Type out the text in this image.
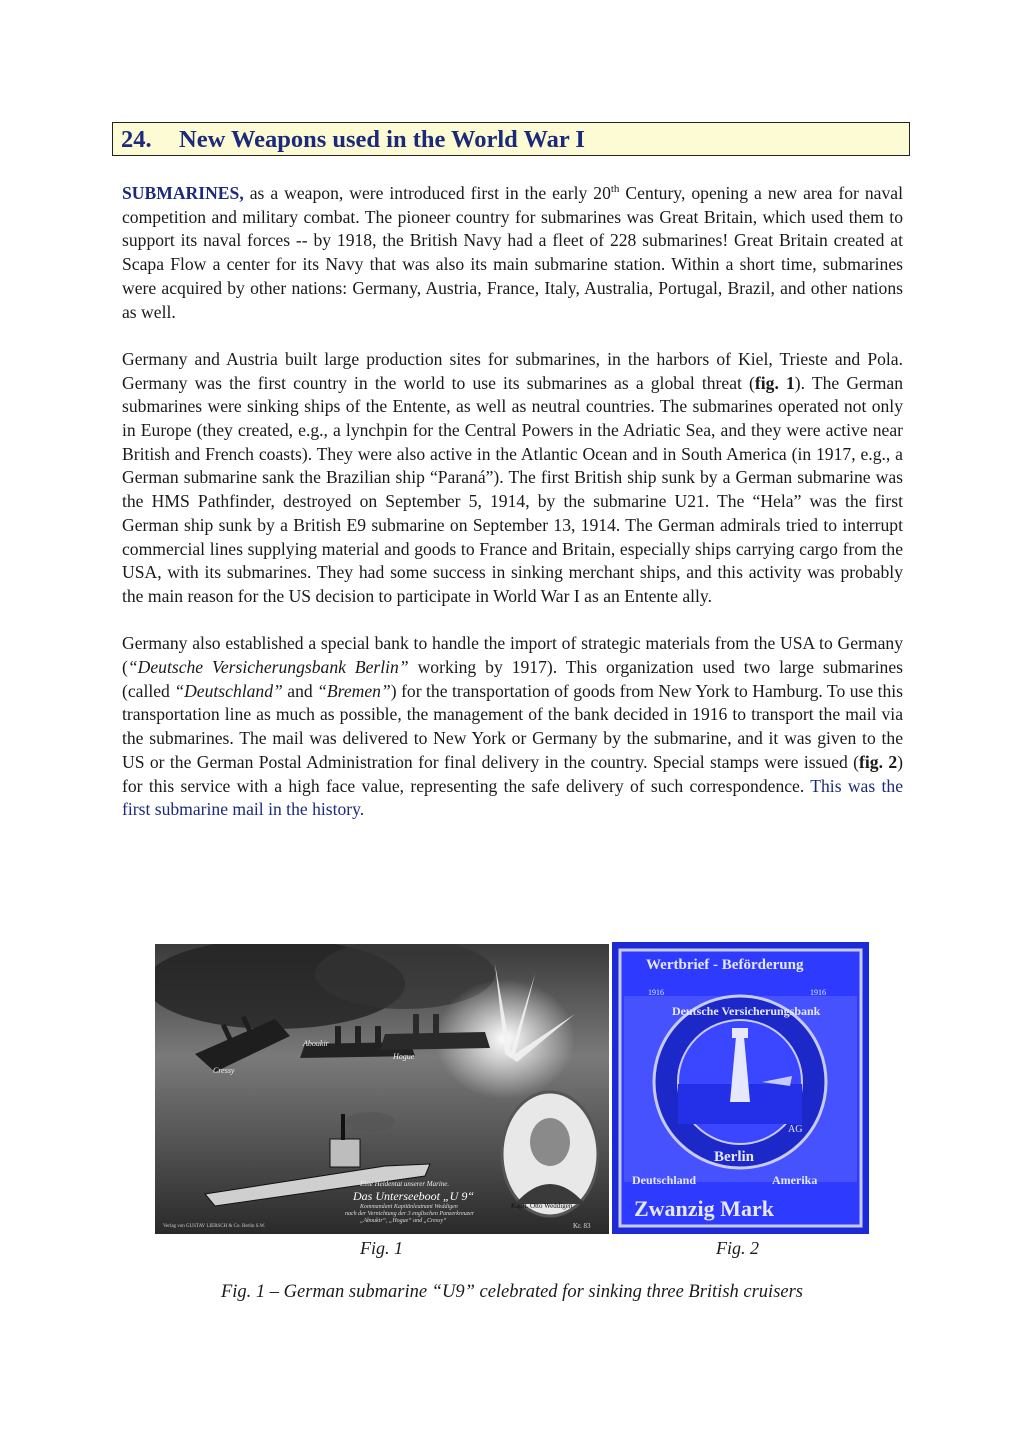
24. New Weapons used in the World War I

SUBMARINES, as a weapon, were introduced first in the early 20th Century, opening a new area for naval competition and military combat. The pioneer country for submarines was Great Britain, which used them to support its naval forces -- by 1918, the British Navy had a fleet of 228 submarines! Great Britain created at Scapa Flow a center for its Navy that was also its main submarine station. Within a short time, submarines were acquired by other nations: Germany, Austria, France, Italy, Australia, Portugal, Brazil, and other nations as well.

Germany and Austria built large production sites for submarines, in the harbors of Kiel, Trieste and Pola. Germany was the first country in the world to use its submarines as a global threat (fig. 1). The German submarines were sinking ships of the Entente, as well as neutral countries. The submarines operated not only in Europe (they created, e.g., a lynchpin for the Central Powers in the Adriatic Sea, and they were active near British and French coasts). They were also active in the Atlantic Ocean and in South America (in 1917, e.g., a German submarine sank the Brazilian ship “Paraná”). The first British ship sunk by a German submarine was the HMS Pathfinder, destroyed on September 5, 1914, by the submarine U21. The “Hela” was the first German ship sunk by a British E9 submarine on September 13, 1914. The German admirals tried to interrupt commercial lines supplying material and goods to France and Britain, especially ships carrying cargo from the USA, with its submarines. They had some success in sinking merchant ships, and this activity was probably the main reason for the US decision to participate in World War I as an Entente ally.

Germany also established a special bank to handle the import of strategic materials from the USA to Germany (“Deutsche Versicherungsbank Berlin” working by 1917). This organization used two large submarines (called “Deutschland” and “Bremen”) for the transportation of goods from New York to Hamburg. To use this transportation line as much as possible, the management of the bank decided in 1916 to transport the mail via the submarines. The mail was delivered to New York or Germany by the submarine, and it was given to the US or the German Postal Administration for final delivery in the country. Special stamps were issued (fig. 2) for this service with a high face value, representing the safe delivery of such correspondence. This was the first submarine mail in the history.

Aboukir
Hogue
Cressy
Eine Heldentat unserer Marine.
Das Unterseeboot „U 9“
Kommandant Kapitänleutnant Weddigen
nach der Vernichtung der 3 englischen Panzerkreuzer
„Aboukir“, „Hogue“ und „Cressy“
Kapit. Otto Weddigen
Verlag von GUSTAV LIERSCH & Co. Berlin S.W.	Kr. 83
Wertbrief - Beförderung
1916	1916
Deutsche Versicherungsbank
AG
Berlin
Deutschland	Amerika
Zwanzig Mark
Fig. 1	Fig. 2
Fig. 1 – German submarine “U9” celebrated for sinking three British cruisers
